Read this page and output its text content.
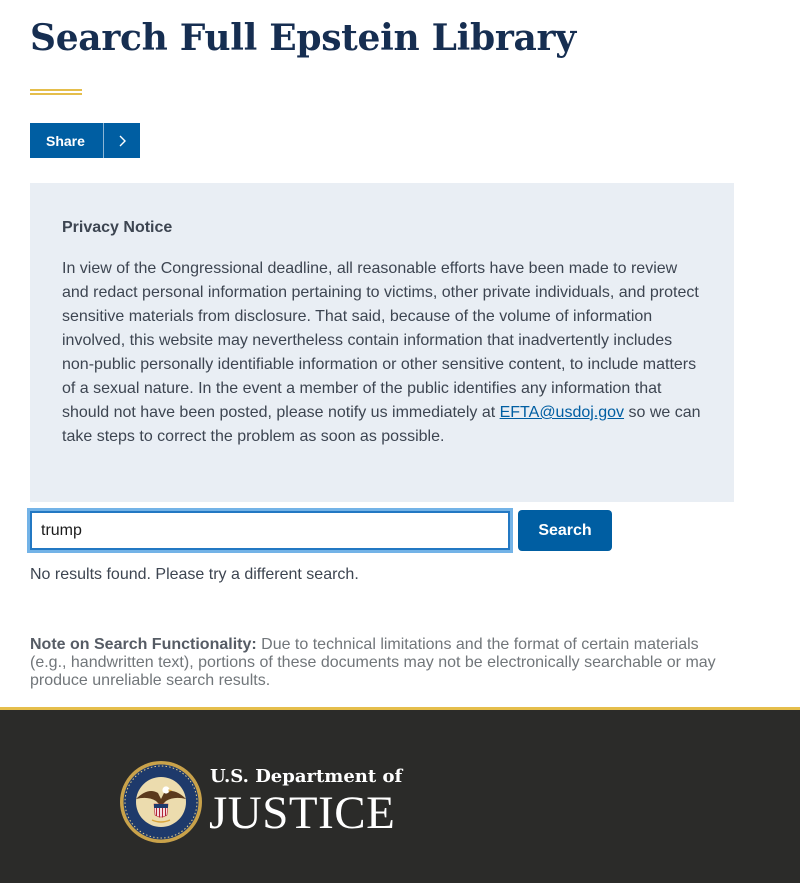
Search Full Epstein Library
Share

Privacy Notice

In view of the Congressional deadline, all reasonable efforts have been made to review and redact personal information pertaining to victims, other private individuals, and protect sensitive materials from disclosure. That said, because of the volume of information involved, this website may nevertheless contain information that inadvertently includes non-public personally identifiable information or other sensitive content, to include matters of a sexual nature. In the event a member of the public identifies any information that should not have been posted, please notify us immediately at EFTA@usdoj.gov so we can take steps to correct the problem as soon as possible.

trump
Search
No results found. Please try a different search.

Note on Search Functionality: Due to technical limitations and the format of certain materials (e.g., handwritten text), portions of these documents may not be electronically searchable or may produce unreliable search results.

U.S. Department of
JUSTICE
